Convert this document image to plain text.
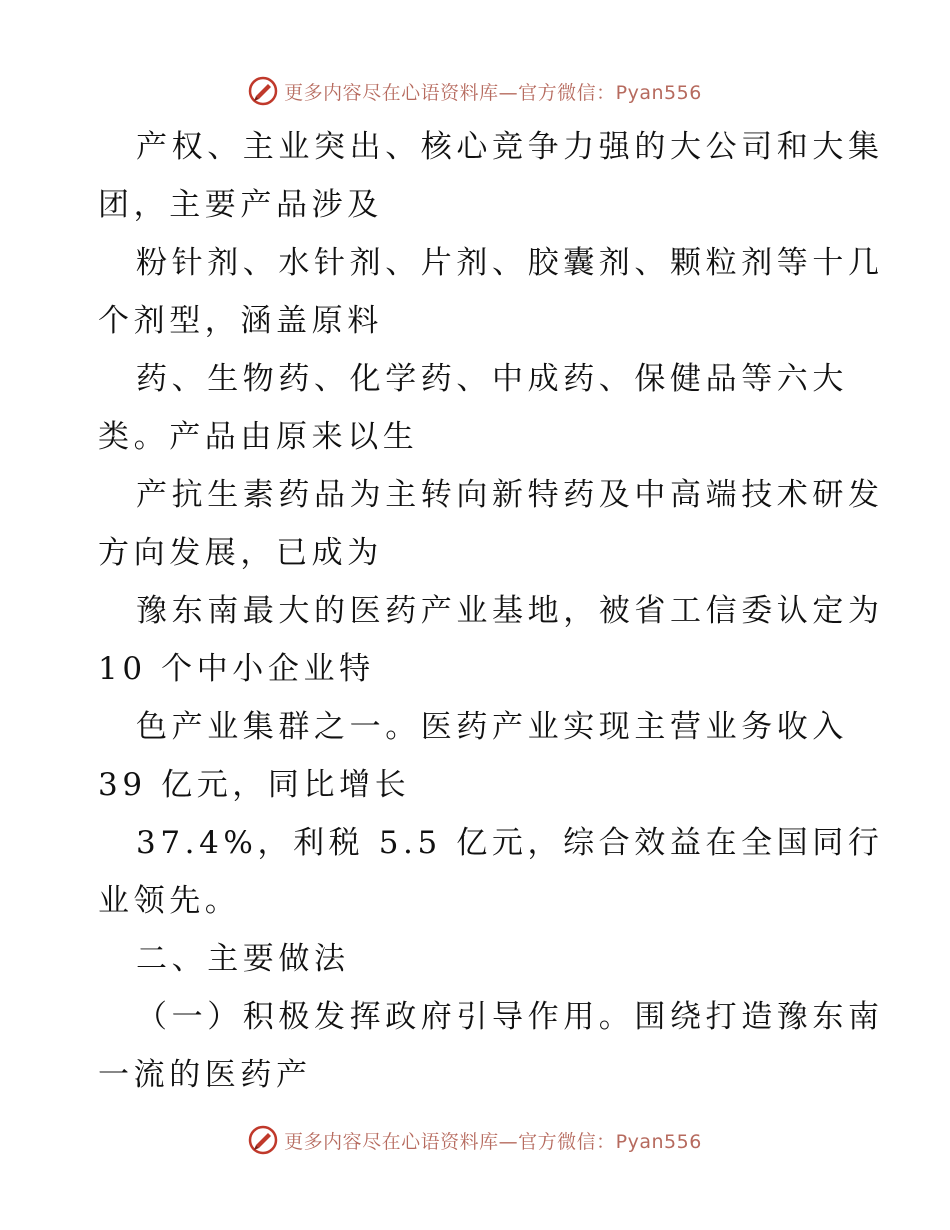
更多内容尽在心语资料库—官方微信：Pyan556

产权、主业突出、核心竞争力强的大公司和大集
团，主要产品涉及

粉针剂、水针剂、片剂、胶囊剂、颗粒剂等十几
个剂型，涵盖原料

药、生物药、化学药、中成药、保健品等六大
类。产品由原来以生

产抗生素药品为主转向新特药及中高端技术研发
方向发展，已成为

豫东南最大的医药产业基地，被省工信委认定为
10 个中小企业特

色产业集群之一。医药产业实现主营业务收入
39 亿元，同比增长

37.4%，利税 5.5 亿元，综合效益在全国同行
业领先。

二、主要做法

（一）积极发挥政府引导作用。围绕打造豫东南
一流的医药产

更多内容尽在心语资料库—官方微信：Pyan556
